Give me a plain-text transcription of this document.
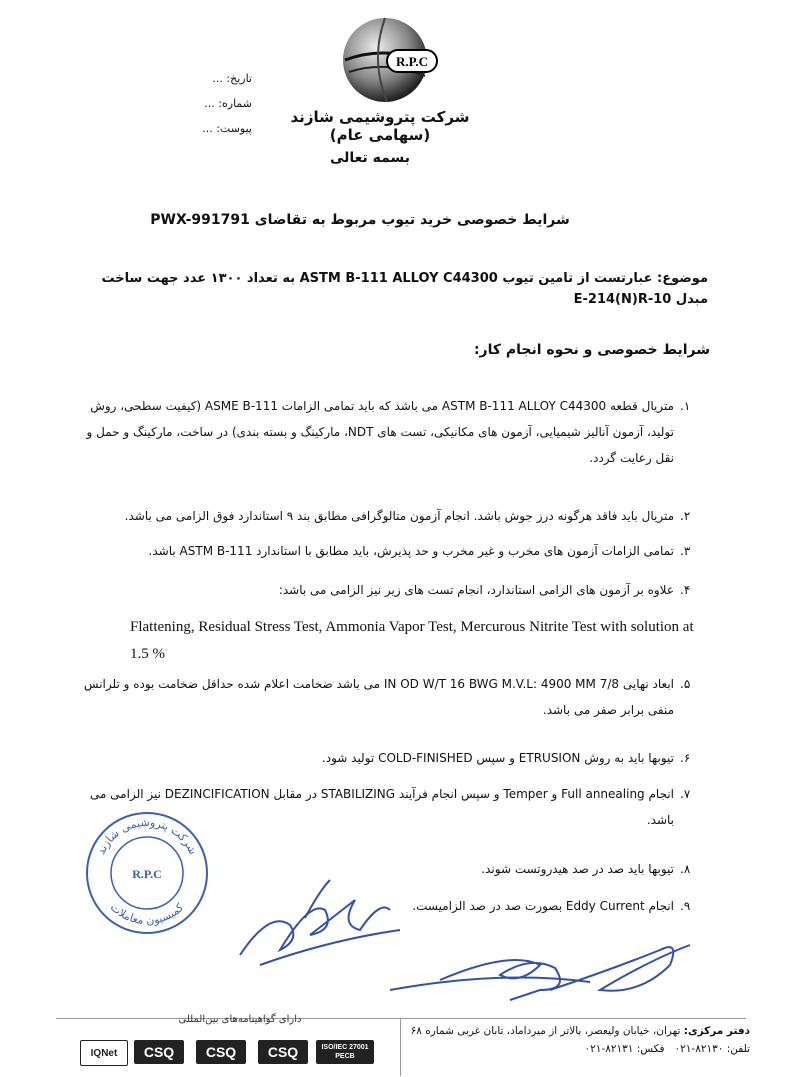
R.P.C
شرکت پتروشیمی شازند (سهامی عام)
تاریخ: ...
شماره: ...
پیوست: ...
بسمه تعالی
شرایط خصوصی خرید تیوب مربوط به تقاضای PWX-991791
موضوع: عبارتست از تامین تیوب ASTM B-111 ALLOY C44300 به تعداد ۱۳۰۰ عدد جهت ساخت مبدل 10-E-214(N)R
شرایط خصوصی و نحوه انجام کار:
۱.
متریال قطعه ASTM B-111 ALLOY C44300 می باشد که باید تمامی الزامات ASME B-111 (کیفیت سطحی، روش تولید، آزمون آنالیز شیمیایی، آزمون های مکانیکی، تست های NDT، مارکینگ و بسته بندی) در ساخت، مارکینگ و حمل و نقل رعایت گردد.
۲.
متریال باید فاقد هرگونه درز جوش باشد. انجام آزمون متالوگرافی مطابق بند ۹ استاندارد فوق الزامی می باشد.
۳.
تمامی الزامات آزمون های مخرب و غیر مخرب و حد پذیرش، باید مطابق با استاندارد ASTM B-111 باشد.
۴.
علاوه بر آزمون های الزامی استاندارد، انجام تست های زیر نیز الزامی می باشد:
۵.
ابعاد نهایی 7/8 IN OD W/T 16 BWG M.V.L: 4900 MM می باشد ضخامت اعلام شده حداقل ضخامت بوده و تلرانس منفی برابر صفر می باشد.
۶.
تیوبها باید به روش ETRUSION و سپس COLD-FINISHED تولید شود.
۷.
انجام Full annealing و Temper و سپس انجام فرآیند STABILIZING در مقابل DEZINCIFICATION نیز الزامی می باشد.
۸.
تیوبها باید صد در صد هیدروتست شوند.
۹.
انجام Eddy Current بصورت صد در صد الزامیست.
Flattening, Residual Stress Test, Ammonia Vapor Test, Mercurous Nitrite Test with solution at 1.5 %
شرکت پتروشیمی شازند
کمیسیون معاملات
R.P.C
دارای گواهینامه‌های بین‌المللی
IQNet	CSQ	CSQ	CSQ	ISO/IEC 27001 PECB
دفتر مرکزی: تهران، خیابان ولیعصر، بالاتر از میرداماد، تابان غربی شماره ۶۸
تلفن: ۸۲۱۳۰-۰۲۱   فکس: ۸۲۱۳۱-۰۲۱
